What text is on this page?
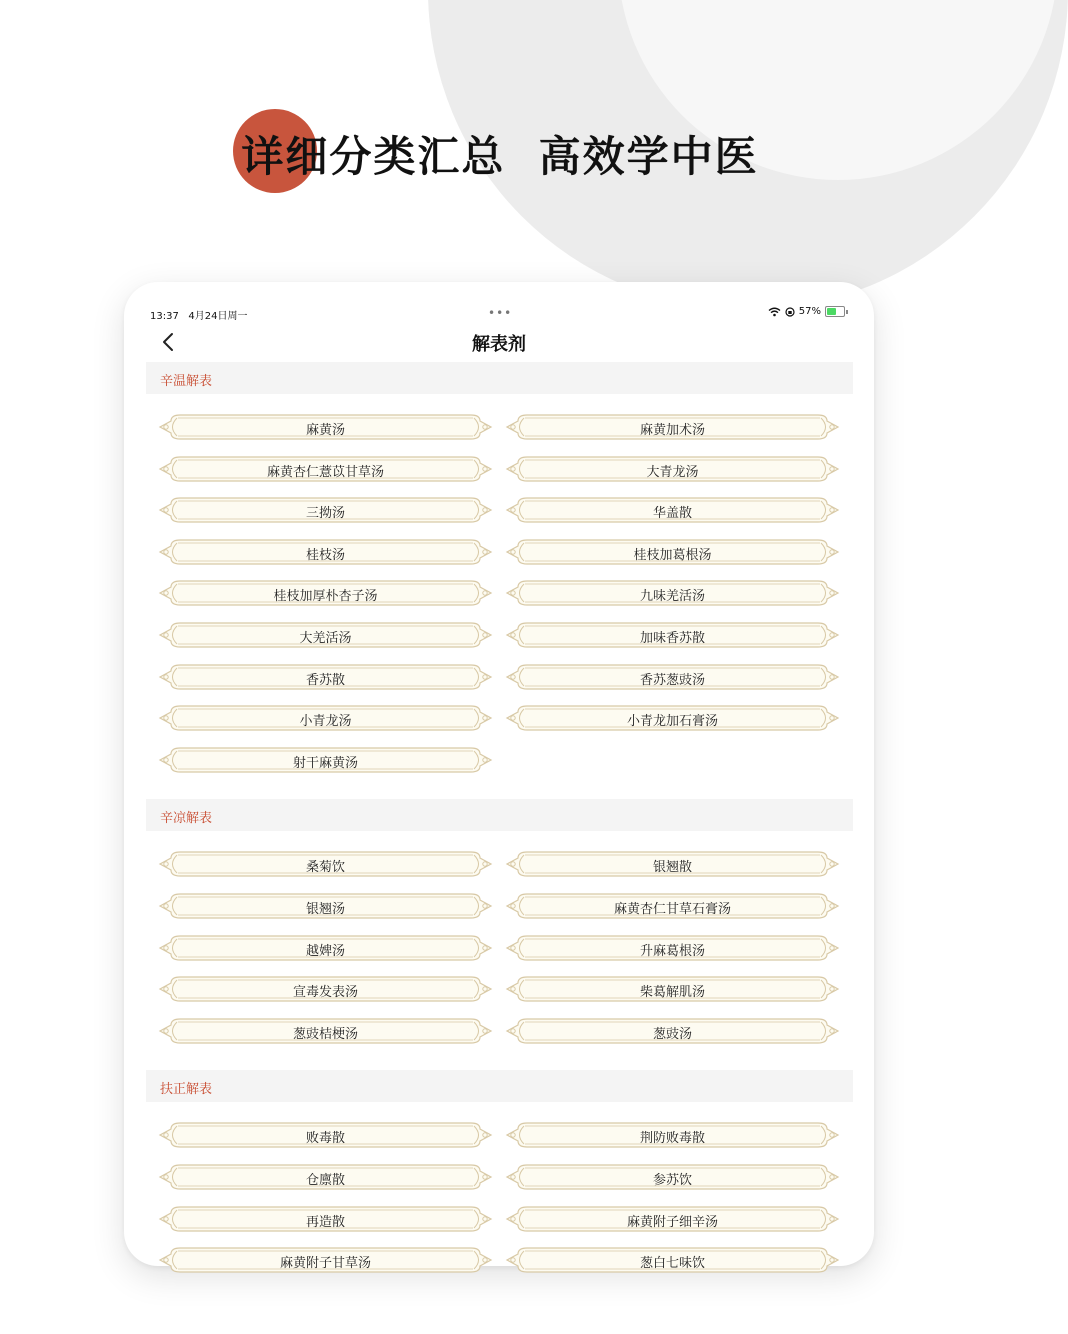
详细分类汇总  高效学中医
13:37 4月24日周一	•••	57%
解表剂
辛温解表
麻黄汤	麻黄加术汤
麻黄杏仁薏苡甘草汤	大青龙汤
三拗汤	华盖散
桂枝汤	桂枝加葛根汤
桂枝加厚朴杏子汤	九味羌活汤
大羌活汤	加味香苏散
香苏散	香苏葱豉汤
小青龙汤	小青龙加石膏汤
射干麻黄汤
辛凉解表
桑菊饮	银翘散
银翘汤	麻黄杏仁甘草石膏汤
越婢汤	升麻葛根汤
宣毒发表汤	柴葛解肌汤
葱豉桔梗汤	葱豉汤
扶正解表
败毒散	荆防败毒散
仓廪散	参苏饮
再造散	麻黄附子细辛汤
麻黄附子甘草汤	葱白七味饮
